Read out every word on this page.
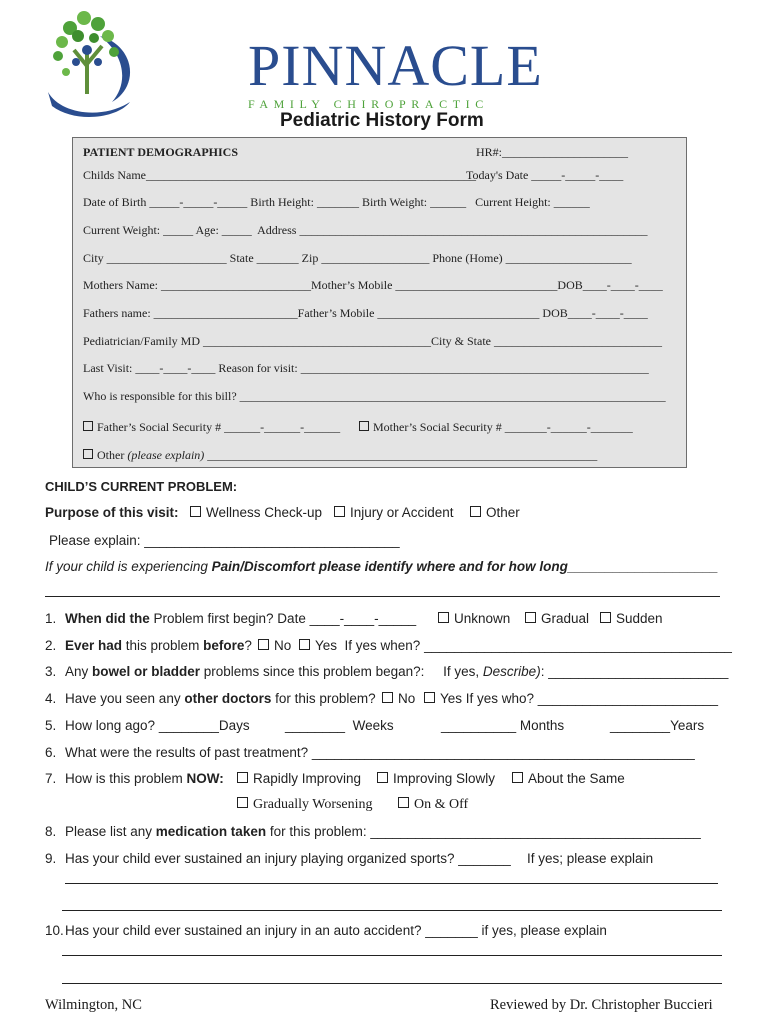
PINNACLE
FAMILY CHIROPRACTIC
Pediatric History Form
PATIENT DEMOGRAPHICS	HR#:_____________________
Childs Name_______________________________________________________
Today's Date _____-_____-____
Date of Birth _____-_____-_____ Birth Height: _______ Birth Weight: ______   Current Height: ______
Current Weight: _____ Age: _____  Address __________________________________________________________
City ____________________ State _______ Zip __________________ Phone (Home) _____________________
Mothers Name: _________________________Mother’s Mobile ___________________________DOB____-____-____
Fathers name: ________________________Father’s Mobile ___________________________ DOB____-____-____
Pediatrician/Family MD ______________________________________City & State ____________________________
Last Visit: ____-____-____ Reason for visit: __________________________________________________________
Who is responsible for this bill? _______________________________________________________________________
Father’s Social Security # ______-______-______	Mother’s Social Security # _______-______-_______
Other (please explain) _________________________________________________________________
CHILD’S CURRENT PROBLEM:
Purpose of this visit:	Wellness Check-up	Injury or Accident	Other
Please explain: __________________________________
If your child is experiencing Pain/Discomfort please identify where and for how long____________________
1. When did the Problem first begin? Date ____-____-_____	Unknown	Gradual	Sudden
2. Ever had this problem before?	No	Yes  If yes when? _________________________________________
3. Any bowel or bladder problems since this problem began?:     If yes, Describe): ________________________
4. Have you seen any other doctors for this problem?	No	Yes If yes who? ________________________
5. How long ago? ________Days	________  Weeks	__________ Months	________Years
6. What were the results of past treatment? ___________________________________________________
7. How is this problem NOW:	Rapidly Improving	Improving Slowly	About the Same
Gradually Worsening	On & Off
8. Please list any medication taken for this problem: ____________________________________________
9. Has your child ever sustained an injury playing organized sports? _______ If yes; please explain
10. Has your child ever sustained an injury in an auto accident? _______ if yes, please explain
Wilmington, NC	Reviewed by Dr. Christopher Buccieri
